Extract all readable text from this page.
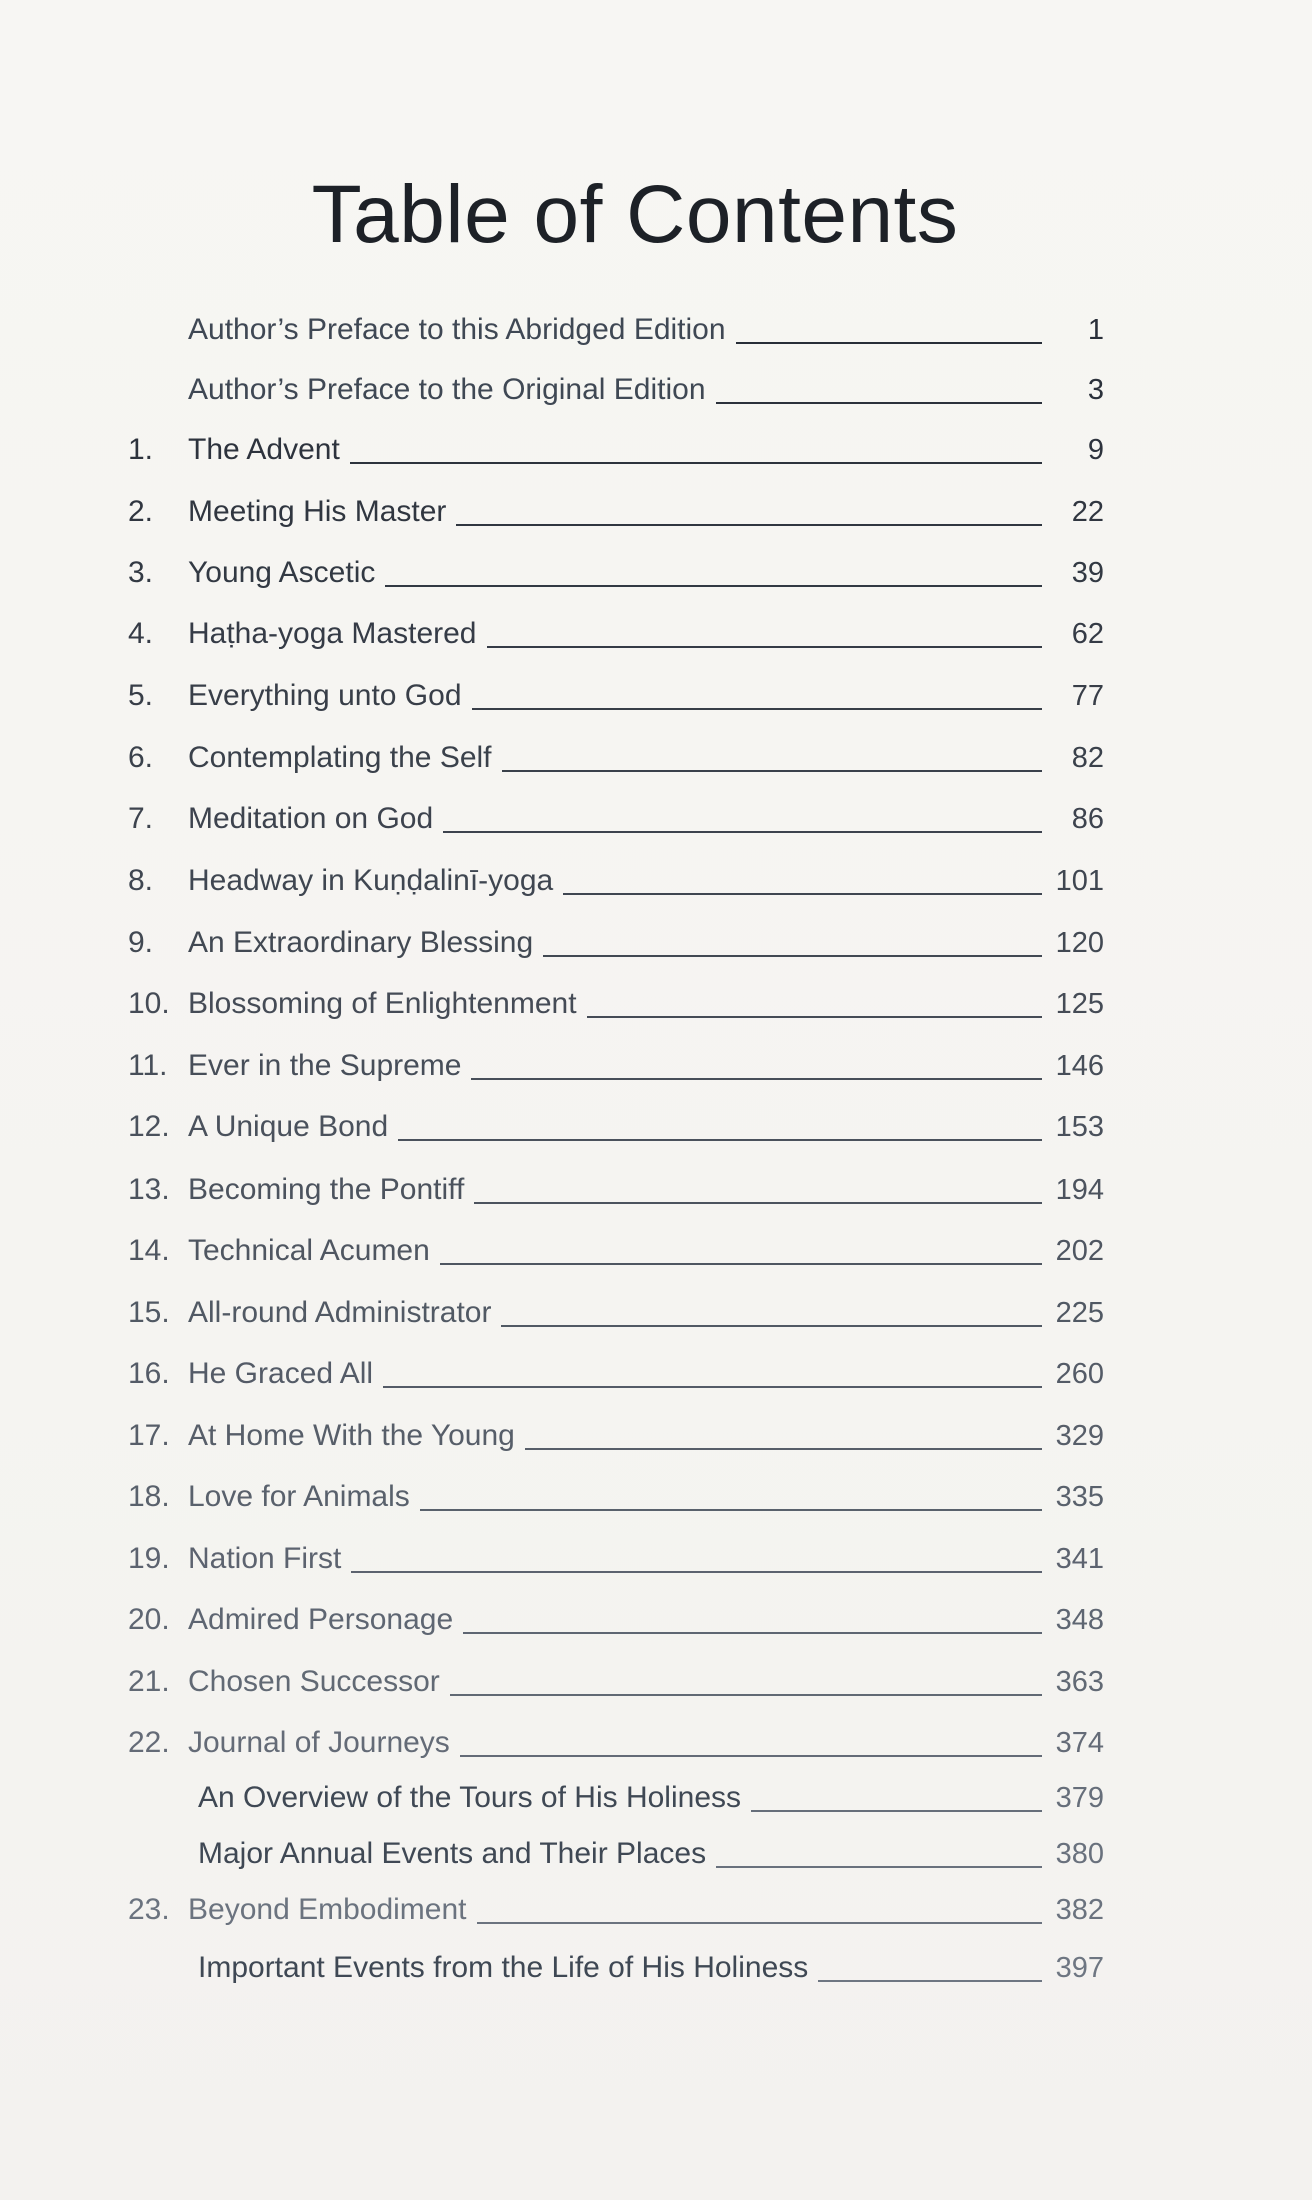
Table of Contents
Author’s Preface to this Abridged Edition	1
Author’s Preface to the Original Edition	3
1.	The Advent	9
2.	Meeting His Master	22
3.	Young Ascetic	39
4.	Haṭha-yoga Mastered	62
5.	Everything unto God	77
6.	Contemplating the Self	82
7.	Meditation on God	86
8.	Headway in Kuṇḍalinī-yoga	101
9.	An Extraordinary Blessing	120
10. Blossoming of Enlightenment	125
11. Ever in the Supreme	146
12. A Unique Bond	153
13. Becoming the Pontiff	194
14. Technical Acumen	202
15. All-round Administrator	225
16. He Graced All	260
17. At Home With the Young	329
18. Love for Animals	335
19. Nation First	341
20. Admired Personage	348
21. Chosen Successor	363
22. Journal of Journeys	374
An Overview of the Tours of His Holiness	379
Major Annual Events and Their Places	380
23. Beyond Embodiment	382
Important Events from the Life of His Holiness	397
